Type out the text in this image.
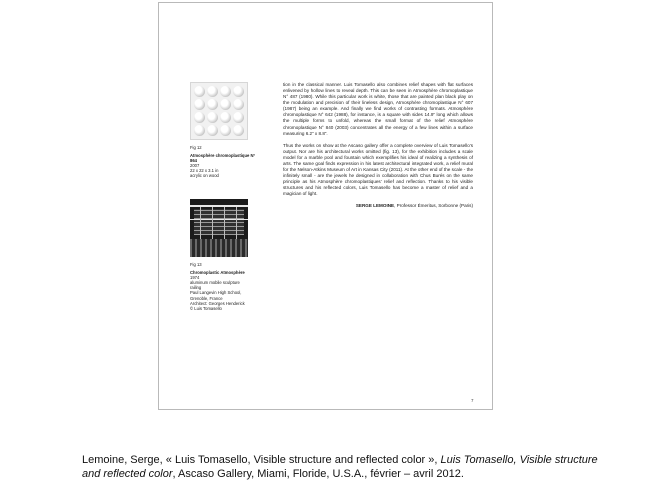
Fig 12
Atmosphère chromoplastique N° 864
2007
22 x 22 x 3.1 in
acrylic on wood
Fig 13
Chromoplastic Atmosphère
1974
aluminum mobile sculpture
railing
Paul Langevin High School,
Grenoble, France
Architect: Georges Henderick
© Luis Tomasello

tion in the classical manner. Luis Tomasello also combines relief shapes with flat surfaces enlivened by hollow lines to reveal depth. This can be seen in Atmosphère chromoplastique N° 487 (1980). While this particular work is white, those that are painted plan black play on the modulation and precision of their lineless design, Atmosphère chromoplastique N° 607 (1987) being an example. And finally we find works of contrasting formats. Atmosphère chromoplastique N° 642 (1988), for instance, is a square with sides 14.9” long which allows the multiple forms to unfold, whereas the small format of the relief Atmosphère chromoplastique N° 840 (2003) concentrates all the energy of a few lines within a surface measuring 6.2” x 8.8”.

Thus the works on show at the Ascaso gallery offer a complete overview of Luis Tomasello’s output. Nor are his architectural works omitted (fig. 13), for the exhibition includes a scale model for a marble pool and fountain which exemplifies his ideal of realizing a synthesis of arts. The same goal finds expression in his latest architectural integrated work, a relief mural for the Nelson-Atkins Museum of Art in Kansas City (2011). At the other end of the scale - the infinitely small - are the jewels he designed in collaboration with Chus Burés on the same principle as his Atmosphère chromoplastiques’ relief and reflection. Thanks to his visible structures and his reflected colors, Luis Tomasello has become a master of relief and a magician of light.

SERGE LEMOINE, Professor Émeritus, Sorbonne (Paris)
7
Lemoine, Serge, « Luis Tomasello, Visible structure and reflected color », Luis Tomasello, Visible structure and reflected color, Ascaso Gallery, Miami, Floride, U.S.A., février – avril 2012.
